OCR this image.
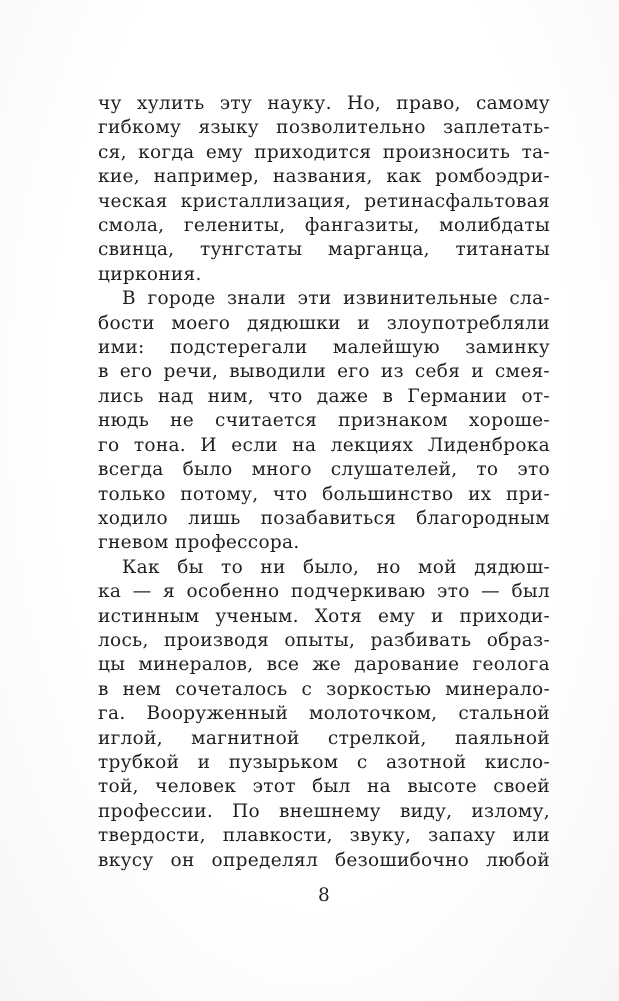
чу хулить эту науку. Но, право, самому
гибкому языку позволительно заплетать-
ся, когда ему приходится произносить та-
кие, например, названия, как ромбоэдри-
ческая кристаллизация, ретинасфальтовая
смола, гелениты, фангазиты, молибдаты
свинца, тунгстаты марганца, титанаты
циркония.
В городе знали эти извинительные сла-
бости моего дядюшки и злоупотребляли
ими: подстерегали малейшую заминку
в его речи, выводили его из себя и смея-
лись над ним, что даже в Германии от-
нюдь не считается признаком хороше-
го тона. И если на лекциях Лиденброка
всегда было много слушателей, то это
только потому, что большинство их при-
ходило лишь позабавиться благородным
гневом профессора.
Как бы то ни было, но мой дядюш-
ка — я особенно подчеркиваю это — был
истинным ученым. Хотя ему и приходи-
лось, производя опыты, разбивать образ-
цы минералов, все же дарование геолога
в нем сочеталось с зоркостью минерало-
га. Вооруженный молоточком, стальной
иглой, магнитной стрелкой, паяльной
трубкой и пузырьком с азотной кисло-
той, человек этот был на высоте своей
профессии. По внешнему виду, излому,
твердости, плавкости, звуку, запаху или
вкусу он определял безошибочно любой
8
